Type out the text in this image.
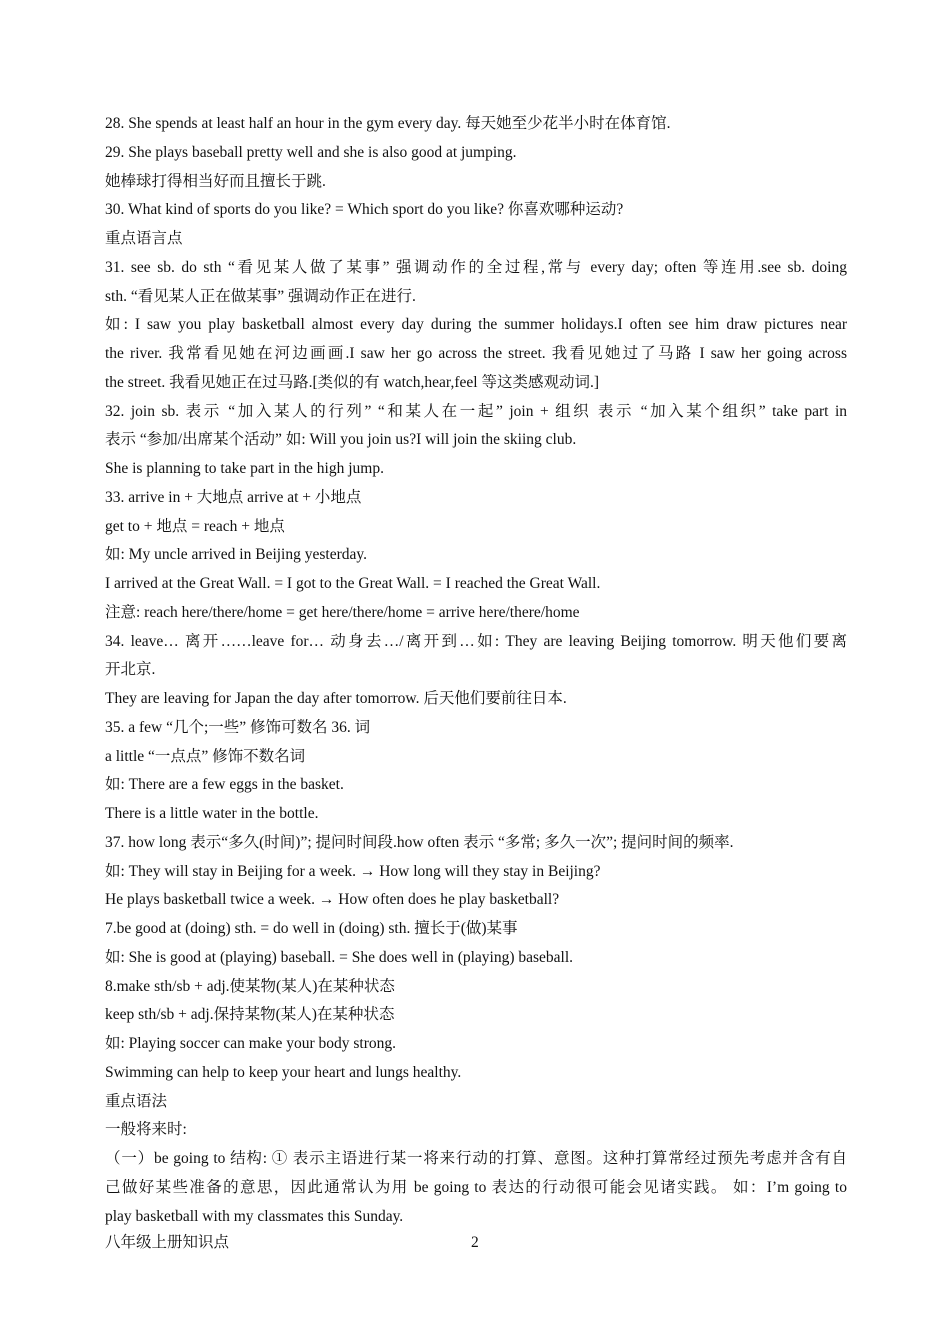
28. She spends at least half an hour in the gym every day. 每天她至少花半小时在体育馆.
29. She plays baseball pretty well and she is also good at jumping.
她棒球打得相当好而且擅长于跳.
30. What kind of sports do you like? = Which sport do you like? 你喜欢哪种运动?
重点语言点
31. see sb. do sth “看见某人做了某事” 强调动作的全过程,常与 every day; often 等连用.see sb. doing
sth. “看见某人正在做某事” 强调动作正在进行.
如: I saw you play basketball almost every day during the summer holidays.I often see him draw pictures near
the river. 我常看见她在河边画画.I saw her go across the street. 我看见她过了马路 I saw her going across
the street. 我看见她正在过马路.[类似的有 watch,hear,feel 等这类感观动词.]
32. join sb. 表示 “加入某人的行列” “和某人在一起” join + 组织 表示 “加入某个组织” take part in
表示 “参加/出席某个活动” 如: Will you join us?I will join the skiing club.
She is planning to take part in the high jump.
33. arrive in + 大地点 arrive at + 小地点
get to + 地点 = reach + 地点
如: My uncle arrived in Beijing yesterday.
I arrived at the Great Wall. = I got to the Great Wall. = I reached the Great Wall.
注意: reach here/there/home = get here/there/home = arrive here/there/home
34. leave… 离开……leave for… 动身去…/离开到…如: They are leaving Beijing tomorrow. 明天他们要离
开北京.
They are leaving for Japan the day after tomorrow. 后天他们要前往日本.
35. a few “几个;一些” 修饰可数名 36. 词
a little “一点点” 修饰不数名词
如: There are a few eggs in the basket.
There is a little water in the bottle.
37. how long 表示“多久(时间)”; 提问时间段.how often 表示 “多常; 多久一次”; 提问时间的频率.
如: They will stay in Beijing for a week. → How long will they stay in Beijing?
He plays basketball twice a week. → How often does he play basketball?
7.be good at (doing) sth. = do well in (doing) sth. 擅长于(做)某事
如: She is good at (playing) baseball. = She does well in (playing) baseball.
8.make sth/sb + adj.使某物(某人)在某种状态
keep sth/sb + adj.保持某物(某人)在某种状态
如: Playing soccer can make your body strong.
Swimming can help to keep your heart and lungs healthy.
重点语法
一般将来时:
（一）be going to 结构: ① 表示主语进行某一将来行动的打算、意图。这种打算常经过预先考虑并含有自
己做好某些准备的意思，因此通常认为用 be going to 表达的行动很可能会见诸实践。 如：I’m going to
play basketball with my classmates this Sunday.
八年级上册知识点	2
